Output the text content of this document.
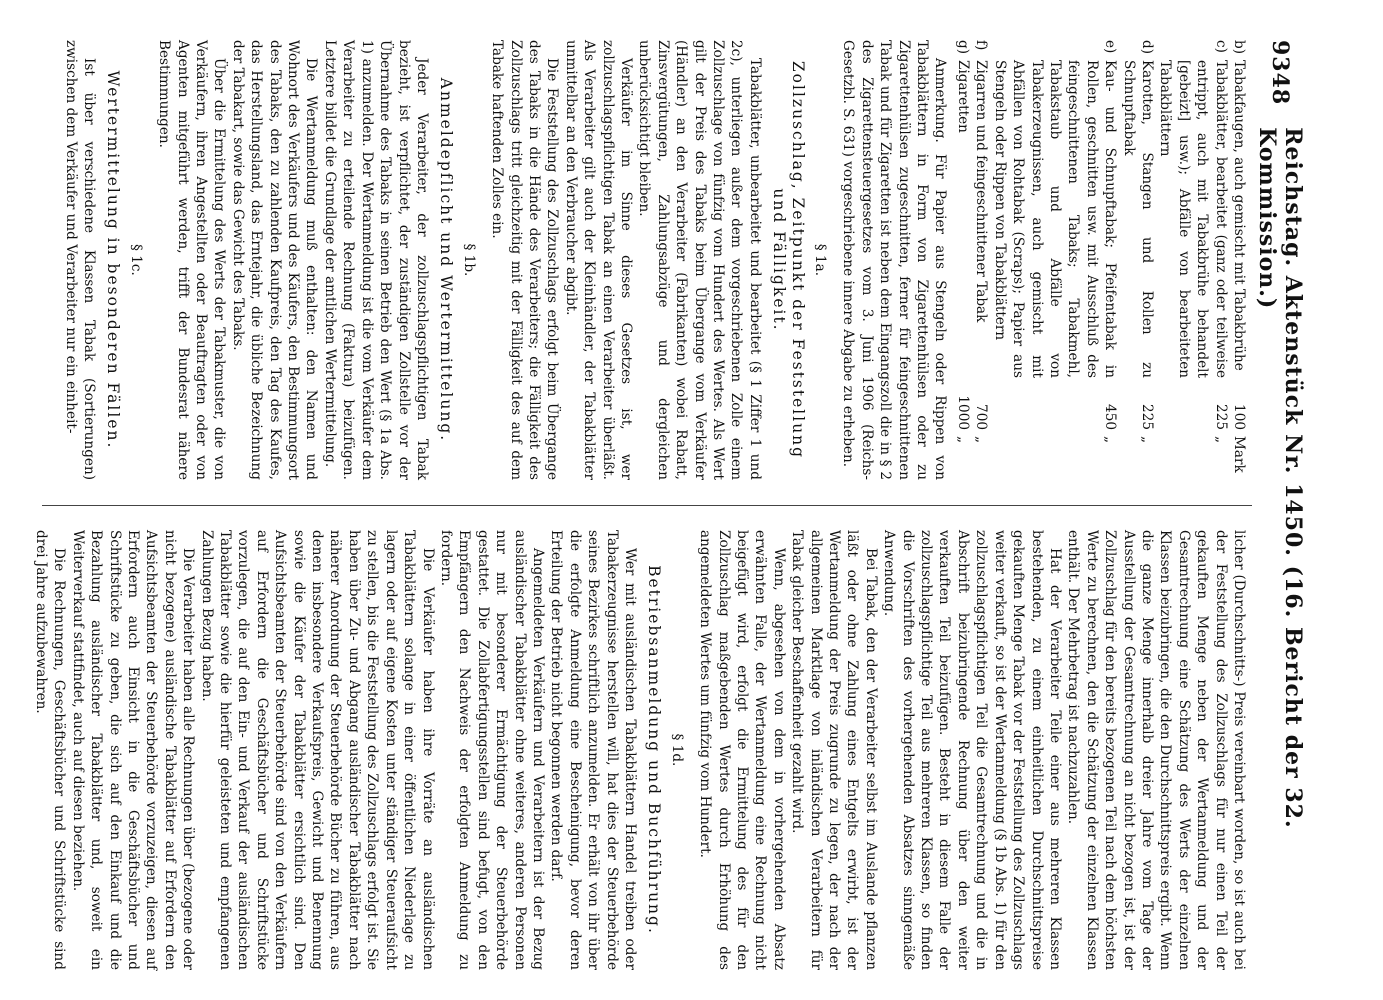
9348
Reichstag. Aktenstück Nr. 1450. (16. Bericht der 32. Kommission.)
b)
Tabakfaugen, auch gemischt mit Tabakbrühe
100
Mark
c)
Tabakblätter, bearbeitet (ganz oder teilweise entrippt, auch mit Tabakbrühe behandelt [gebeizt] usw.); Abfälle von bearbeiteten Tabakblättern
225
„
d)
Karotten, Stangen und Rollen zu Schnupftabak
225
„
e)
Kau- und Schnupftabak; Pfeifentabak in Rollen, geschnitten usw. mit Ausschluß des feingeschnittenen Tabaks; Tabakmehl, Tabakstaub und Abfälle von Tabakerzeugnissen, auch gemischt mit Abfällen von Rohtabak (Scraps); Papier aus Stengeln oder Rippen von Tabakblättern
450
„
f)
Zigarren und feingeschnittener Tabak
700
„
g)
Zigaretten
1000
„
Anmerkung. Für Papier aus Stengeln oder Rippen von Tabakblättern in Form von Zigarettenhülsen oder zu Zigarettenhülsen zugeschnitten, ferner für feingeschnittenen Tabak und für Zigaretten ist neben dem Eingangszoll die in § 2 des Zigarettensteuergesetzes vom 3. Juni 1906 (Reichs-Gesetzbl. S. 631) vorgeschriebene innere Abgabe zu erheben.
§ 1a.
Zollzuschlag, Zeitpunkt der Feststellung und Fälligkeit.

Tabakblätter, unbearbeitet und bearbeitet (§ 1 Ziffer 1 und 2c), unterliegen außer dem vorgeschriebenen Zolle einem Zollzuschlage von fünfzig vom Hundert des Wertes. Als Wert gilt der Preis des Tabaks beim Übergange vom Verkäufer (Händler) an den Verarbeiter (Fabrikanten) wobei Rabatt, Zinsvergütungen, Zahlungsabzüge und dergleichen unberücksichtigt bleiben.

Verkäufer im Sinne dieses Gesetzes ist, wer zollzuschlagspflichtigen Tabak an einen Verarbeiter überläßt. Als Verarbeiter gilt auch der Kleinhändler, der Tabakblätter unmittelbar an den Verbraucher abgibt.

Die Feststellung des Zollzuschlags erfolgt beim Übergange des Tabaks in die Hände des Verarbeiters; die Fälligkeit des Zollzuschlags tritt gleichzeitig mit der Fälligkeit des auf dem Tabake haftenden Zolles ein.

§ 1b.
Anmeldepflicht und Wertermittelung.

Jeder Verarbeiter, der zollzuschlagspflichtigen Tabak bezieht, ist verpflichtet, der zuständigen Zollstelle vor der Übernahme des Tabaks in seinen Betrieb den Wert (§ 1a Abs. 1) anzumelden. Der Wertanmeldung ist die vom Verkäufer dem Verarbeiter zu erteilende Rechnung (Faktura) beizufügen. Letztere bildet die Grundlage der amtlichen Wertermittelung.

Die Wertanmeldung muß enthalten: den Namen und Wohnort des Verkäufers und des Käufers, den Bestimmungsort des Tabaks, den zu zahlenden Kaufpreis, den Tag des Kaufes, das Herstellungsland, das Erntejahr, die übliche Bezeichnung der Tabakart, sowie das Gewicht des Tabaks.

Über die Ermittelung des Werts der Tabakmuster, die von Verkäufern, ihren Angestellten oder Beauftragten oder von Agenten mitgeführt werden, trifft der Bundesrat nähere Bestimmungen.

§ 1c.
Wertermittelung in besonderen Fällen.

Ist über verschiedene Klassen Tabak (Sortierungen) zwischen dem Verkäufer und Verarbeiter nur ein einheit-

licher (Durchschnitts-) Preis vereinbart worden, so ist auch bei der Feststellung des Zollzuschlags für nur einen Teil der gekauften Menge neben der Wertanmeldung und der Gesamtrechnung eine Schätzung des Werts der einzelnen Klassen beizubringen, die den Durchschnittspreis ergibt. Wenn die ganze Menge innerhalb dreier Jahre vom Tage der Ausstellung der Gesamtrechnung an nicht bezogen ist, ist der Zollzuschlag für den bereits bezogenen Teil nach dem höchsten Werte zu berechnen, den die Schätzung der einzelnen Klassen enthält. Der Mehrbetrag ist nachzuzahlen.

Hat der Verarbeiter Teile einer aus mehreren Klassen bestehenden, zu einem einheitlichen Durchschnittspreise gekauften Menge Tabak vor der Feststellung des Zollzuschlags weiter verkauft, so ist der Wertanmeldung (§ 1b Abs. 1) für den zollzuschlagspflichtigen Teil die Gesamtrechnung und die in Abschrift beizubringende Rechnung über den weiter verkauften Teil beizufügen. Besteht in diesem Falle der zollzuschlagspflichtige Teil aus mehreren Klassen, so finden die Vorschriften des vorhergehenden Absatzes sinngemäße Anwendung.

Bei Tabak, den der Verarbeiter selbst im Auslande pflanzen läßt oder ohne Zahlung eines Entgelts erwirbt, ist der Wertanmeldung der Preis zugrunde zu legen, der nach der allgemeinen Marktlage von inländischen Verarbeitern für Tabak gleicher Beschaffenheit gezahlt wird.

Wenn, abgesehen von dem in vorhergehenden Absatz erwähnten Falle, der Wertanmeldung eine Rechnung nicht beigefügt wird, erfolgt die Ermittelung des für den Zollzuschlag maßgebenden Wertes durch Erhöhung des angemeldeten Wertes um fünfzig vom Hundert.

§ 1d.
Betriebsanmeldung und Buchführung.

Wer mit ausländischen Tabakblättern Handel treiben oder Tabakerzeugnisse herstellen will, hat dies der Steuerbehörde seines Bezirkes schriftlich anzumelden. Er erhält von ihr über die erfolgte Anmeldung eine Bescheinigung, bevor deren Erteilung der Betrieb nicht begonnen werden darf.

Angemeldeten Verkäufern und Verarbeitern ist der Bezug ausländischer Tabakblätter ohne weiteres, anderen Personen nur mit besonderer Ermächtigung der Steuerbehörde gestattet. Die Zollabfertigungsstellen sind befugt, von den Empfängern den Nachweis der erfolgten Anmeldung zu fordern.

Die Verkäufer haben ihre Vorräte an ausländischen Tabakblättern solange in einer öffentlichen Niederlage zu lagern oder auf eigene Kosten unter ständiger Steueraufsicht zu stellen, bis die Feststellung des Zollzuschlags erfolgt ist. Sie haben über Zu- und Abgang ausländischer Tabakblätter nach näherer Anordnung der Steuerbehörde Bücher zu führen, aus denen insbesondere Verkaufspreis, Gewicht und Benennung sowie die Käufer der Tabakblätter ersichtlich sind. Den Aufsichtsbeamten der Steuerbehörde sind von den Verkäufern auf Erfordern die Geschäftsbücher und Schriftstücke vorzulegen, die auf den Ein- und Verkauf der ausländischen Tabakblätter sowie die hierfür geleisteten und empfangenen Zahlungen Bezug haben.

Die Verarbeiter haben alle Rechnungen über (bezogene oder nicht bezogene) ausländische Tabakblätter auf Erfordern den Aufsichtsbeamten der Steuerbehörde vorzuzeigen, diesen auf Erfordern auch Einsicht in die Geschäftsbücher und Schriftstücke zu geben, die sich auf den Einkauf und die Bezahlung ausländischer Tabakblätter und, soweit ein Weiterverkauf stattfindet, auch auf diesen beziehen.

Die Rechnungen, Geschäftsbücher und Schriftstücke sind drei Jahre aufzubewahren.
